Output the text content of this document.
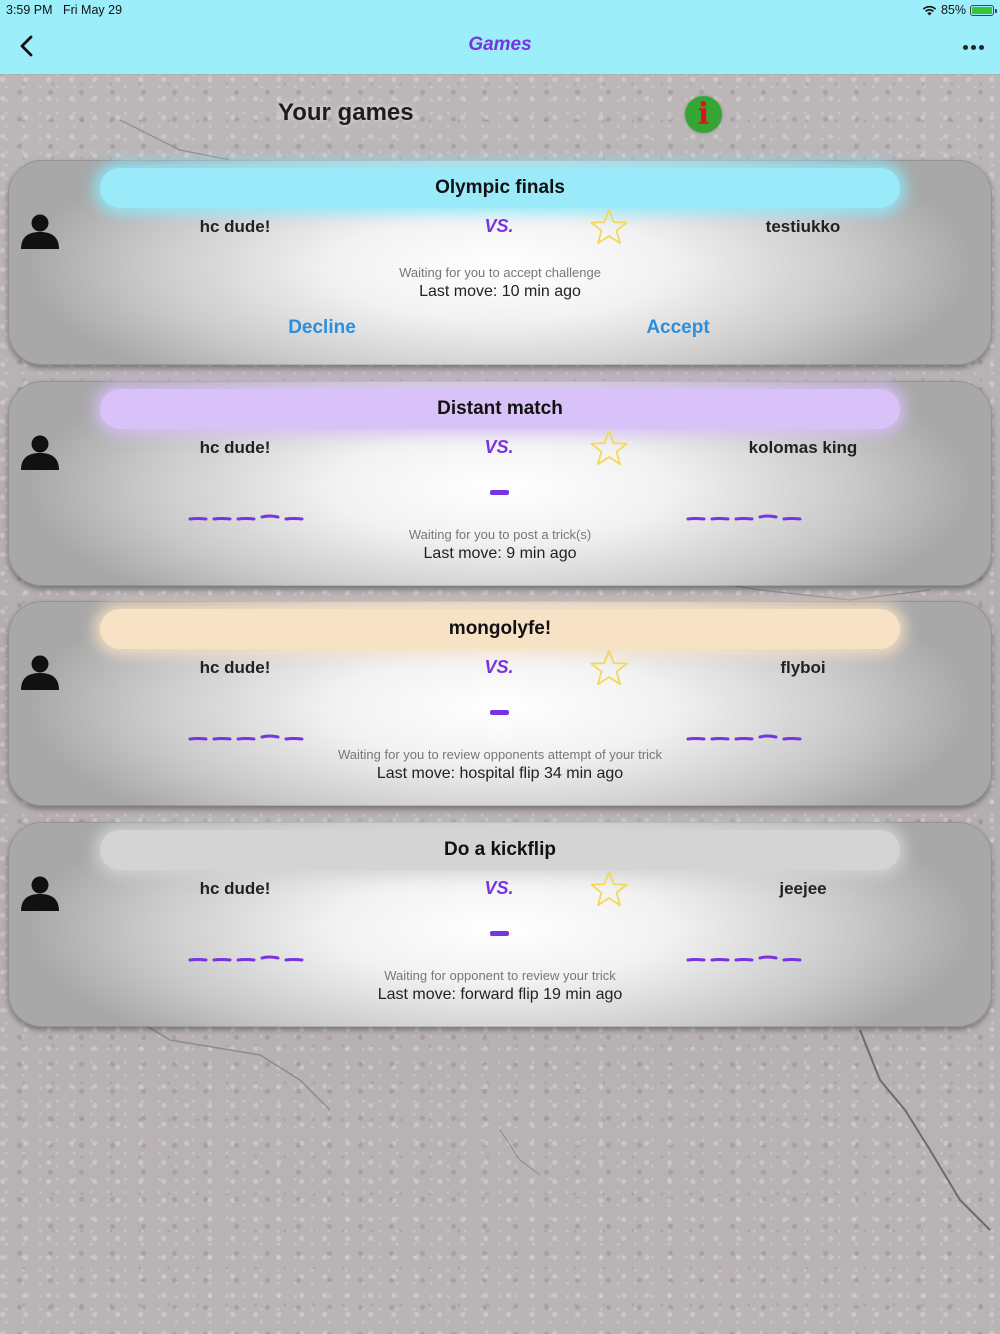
3:59 PM Fri May 29	85%
Games
Your games	i
Olympic finals
hc dude!	VS.	testiukko
Waiting for you to accept challenge
Last move: 10 min ago
Decline	Accept
Distant match
hc dude!	VS.	kolomas king
Waiting for you to post a trick(s)
Last move: 9 min ago
mongolyfe!
hc dude!	VS.	flyboi
Waiting for you to review opponents attempt of your trick
Last move: hospital flip 34 min ago
Do a kickflip
hc dude!	VS.	jeejee
Waiting for opponent to review your trick
Last move: forward flip 19 min ago
